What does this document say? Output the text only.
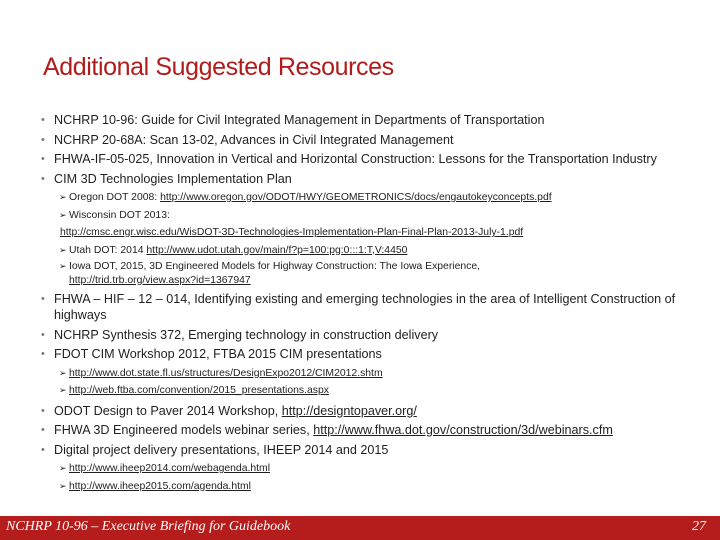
Additional Suggested Resources
• NCHRP 10-96: Guide for Civil Integrated Management in Departments of Transportation
• NCHRP 20-68A: Scan 13-02, Advances in Civil Integrated Management
• FHWA-IF-05-025, Innovation in Vertical and Horizontal Construction: Lessons for the Transportation Industry
• CIM 3D Technologies Implementation Plan
➢ Oregon DOT 2008: http://www.oregon.gov/ODOT/HWY/GEOMETRONICS/docs/engautokeyconcepts.pdf
➢ Wisconsin DOT 2013:
http://cmsc.engr.wisc.edu/WisDOT-3D-Technologies-Implementation-Plan-Final-Plan-2013-July-1.pdf
➢ Utah DOT: 2014 http://www.udot.utah.gov/main/f?p=100:pg:0:::1:T,V:4450
➢ Iowa DOT, 2015, 3D Engineered Models for Highway Construction: The Iowa Experience,
http://trid.trb.org/view.aspx?id=1367947
• FHWA – HIF – 12 – 014, Identifying existing and emerging technologies in the area of Intelligent Construction of highways
• NCHRP Synthesis 372, Emerging technology in construction delivery
• FDOT CIM Workshop 2012, FTBA 2015 CIM presentations
➢ http://www.dot.state.fl.us/structures/DesignExpo2012/CIM2012.shtm
➢ http://web.ftba.com/convention/2015_presentations.aspx
• ODOT Design to Paver 2014 Workshop, http://designtopaver.org/
• FHWA 3D Engineered models webinar series, http://www.fhwa.dot.gov/construction/3d/webinars.cfm
• Digital project delivery presentations, IHEEP 2014 and 2015
➢ http://www.iheep2014.com/webagenda.html
➢ http://www.iheep2015.com/agenda.html
NCHRP 10-96 – Executive Briefing for Guidebook	27
